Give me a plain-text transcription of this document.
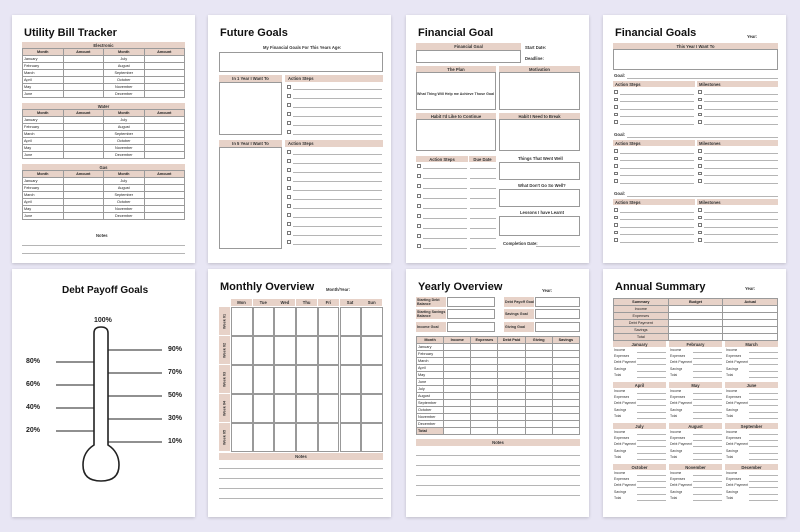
Utility Bill Tracker
Electronic
Month	Amount	Month	Amount
January		July	
February		August	
March		September	
April		October	
May		November	
June		December	
Water
Month	Amount	Month	Amount
January		July	
February		August	
March		September	
April		October	
May		November	
June		December	
Gas
Month	Amount	Month	Amount
January		July	
February		August	
March		September	
April		October	
May		November	
June		December	
Notes
Future Goals
My Financial Goals For This Years Age:
In 1 Year I Want To	Action Steps
In 5 Year I Want To	Action Steps
Financial Goal
Financial Goal	Start Date:
Deadline:
The Plan
What Thing Will Help me Achieve Those Goal
Motivation
Habit I'd Like to Continue	Habit I Need to Break
Action Steps	Due Date	Things That Went Well
What Don't Go So Well?
Lessons I have Learnt
Completion Date:
Financial Goals	Year:
This Year I Want To
Goal:
Action Steps	Milestones
Goal:
Action Steps	Milestones
Goal:
Action Steps	Milestones
Debt Payoff Goals
100%
80%
60%
40%
20%
90%
70%
50%
30%
10%
Monthly Overview	Month/Year:
Mon	Tue	Wed	Thu	Fri	Sat	Sun
Week 01
Week 02
Week 03
Week 04
Week 05
Notes
Yearly Overview	Year:
Starting Debt Balance	Debt Payoff Goal
Starting Savings Balance	Savings Goal
Income Goal	Giving Goal
Month	Income	Expenses	Debt Paid	Giving	Savings
January					
February					
March					
April					
May					
June					
July					
August					
September					
October					
November					
December					
Total					
Notes
Annual Summary	Year:
Summary	Budget	Actual
Income		
Expenses		
Debt Payment		
Savings		
Total		
January
Income
Expenses
Debt Payment
Savings
Total
February
Income
Expenses
Debt Payment
Savings
Total
March
Income
Expenses
Debt Payment
Savings
Total
April
Income
Expenses
Debt Payment
Savings
Total
May
Income
Expenses
Debt Payment
Savings
Total
June
Income
Expenses
Debt Payment
Savings
Total
July
Income
Expenses
Debt Payment
Savings
Total
August
Income
Expenses
Debt Payment
Savings
Total
September
Income
Expenses
Debt Payment
Savings
Total
October
Income
Expenses
Debt Payment
Savings
Total
November
Income
Expenses
Debt Payment
Savings
Total
December
Income
Expenses
Debt Payment
Savings
Total
